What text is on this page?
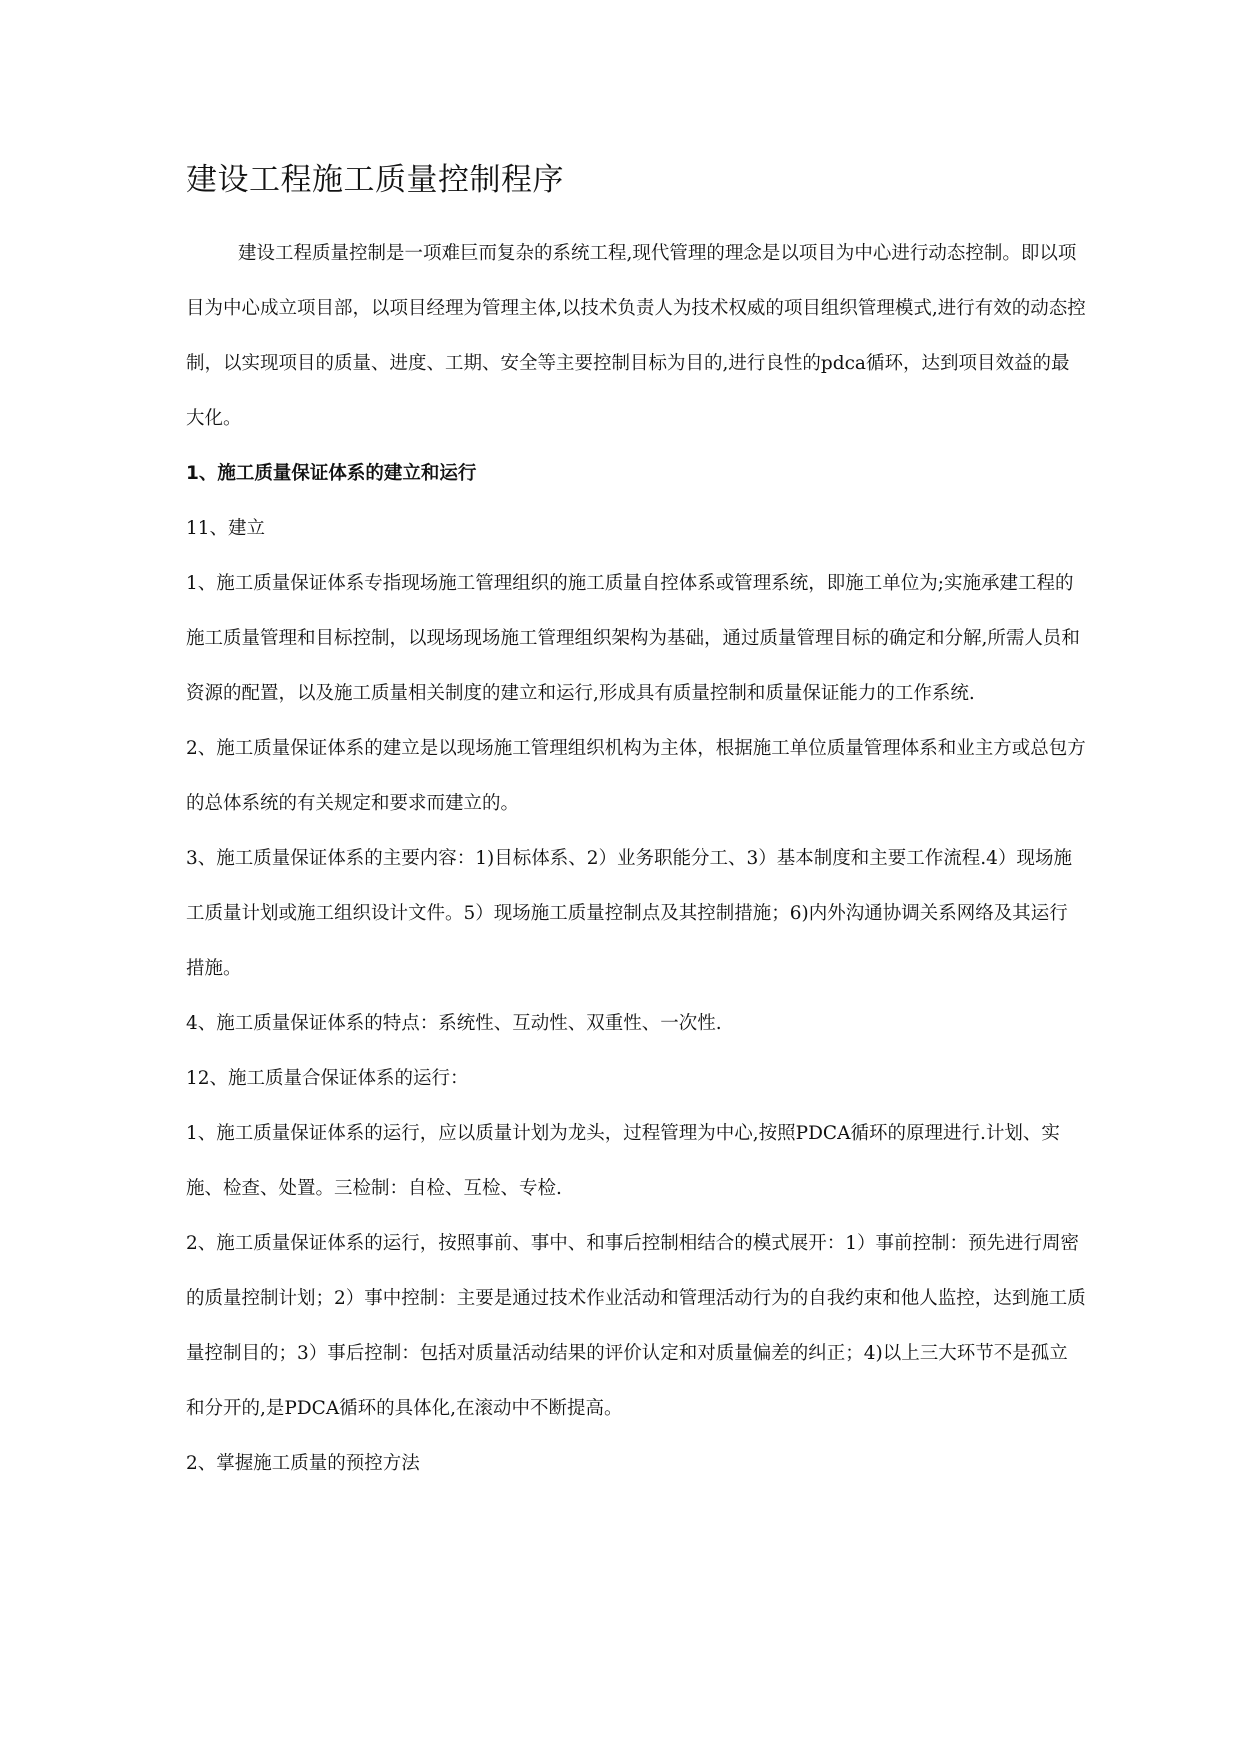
建设工程施工质量控制程序

建设工程质量控制是一项难巨而复杂的系统工程,现代管理的理念是以项目为中心进行动态控制。即以项目为中心成立项目部，以项目经理为管理主体,以技术负责人为技术权威的项目组织管理模式,进行有效的动态控制，以实现项目的质量、进度、工期、安全等主要控制目标为目的,进行良性的pdca循环，达到项目效益的最大化。

1、施工质量保证体系的建立和运行

11、建立

1、施工质量保证体系专指现场施工管理组织的施工质量自控体系或管理系统，即施工单位为;实施承建工程的施工质量管理和目标控制，以现场现场施工管理组织架构为基础，通过质量管理目标的确定和分解,所需人员和资源的配置，以及施工质量相关制度的建立和运行,形成具有质量控制和质量保证能力的工作系统.

2、施工质量保证体系的建立是以现场施工管理组织机构为主体，根据施工单位质量管理体系和业主方或总包方的总体系统的有关规定和要求而建立的。

3、施工质量保证体系的主要内容：1)目标体系、2）业务职能分工、3）基本制度和主要工作流程.4）现场施工质量计划或施工组织设计文件。5）现场施工质量控制点及其控制措施；6)内外沟通协调关系网络及其运行措施。

4、施工质量保证体系的特点：系统性、互动性、双重性、一次性.

12、施工质量合保证体系的运行：

1、施工质量保证体系的运行，应以质量计划为龙头，过程管理为中心,按照PDCA循环的原理进行.计划、实施、检查、处置。三检制：自检、互检、专检.

2、施工质量保证体系的运行，按照事前、事中、和事后控制相结合的模式展开：1）事前控制：预先进行周密的质量控制计划；2）事中控制：主要是通过技术作业活动和管理活动行为的自我约束和他人监控，达到施工质量控制目的；3）事后控制：包括对质量活动结果的评价认定和对质量偏差的纠正；4)以上三大环节不是孤立和分开的,是PDCA循环的具体化,在滚动中不断提高。

2、掌握施工质量的预控方法
